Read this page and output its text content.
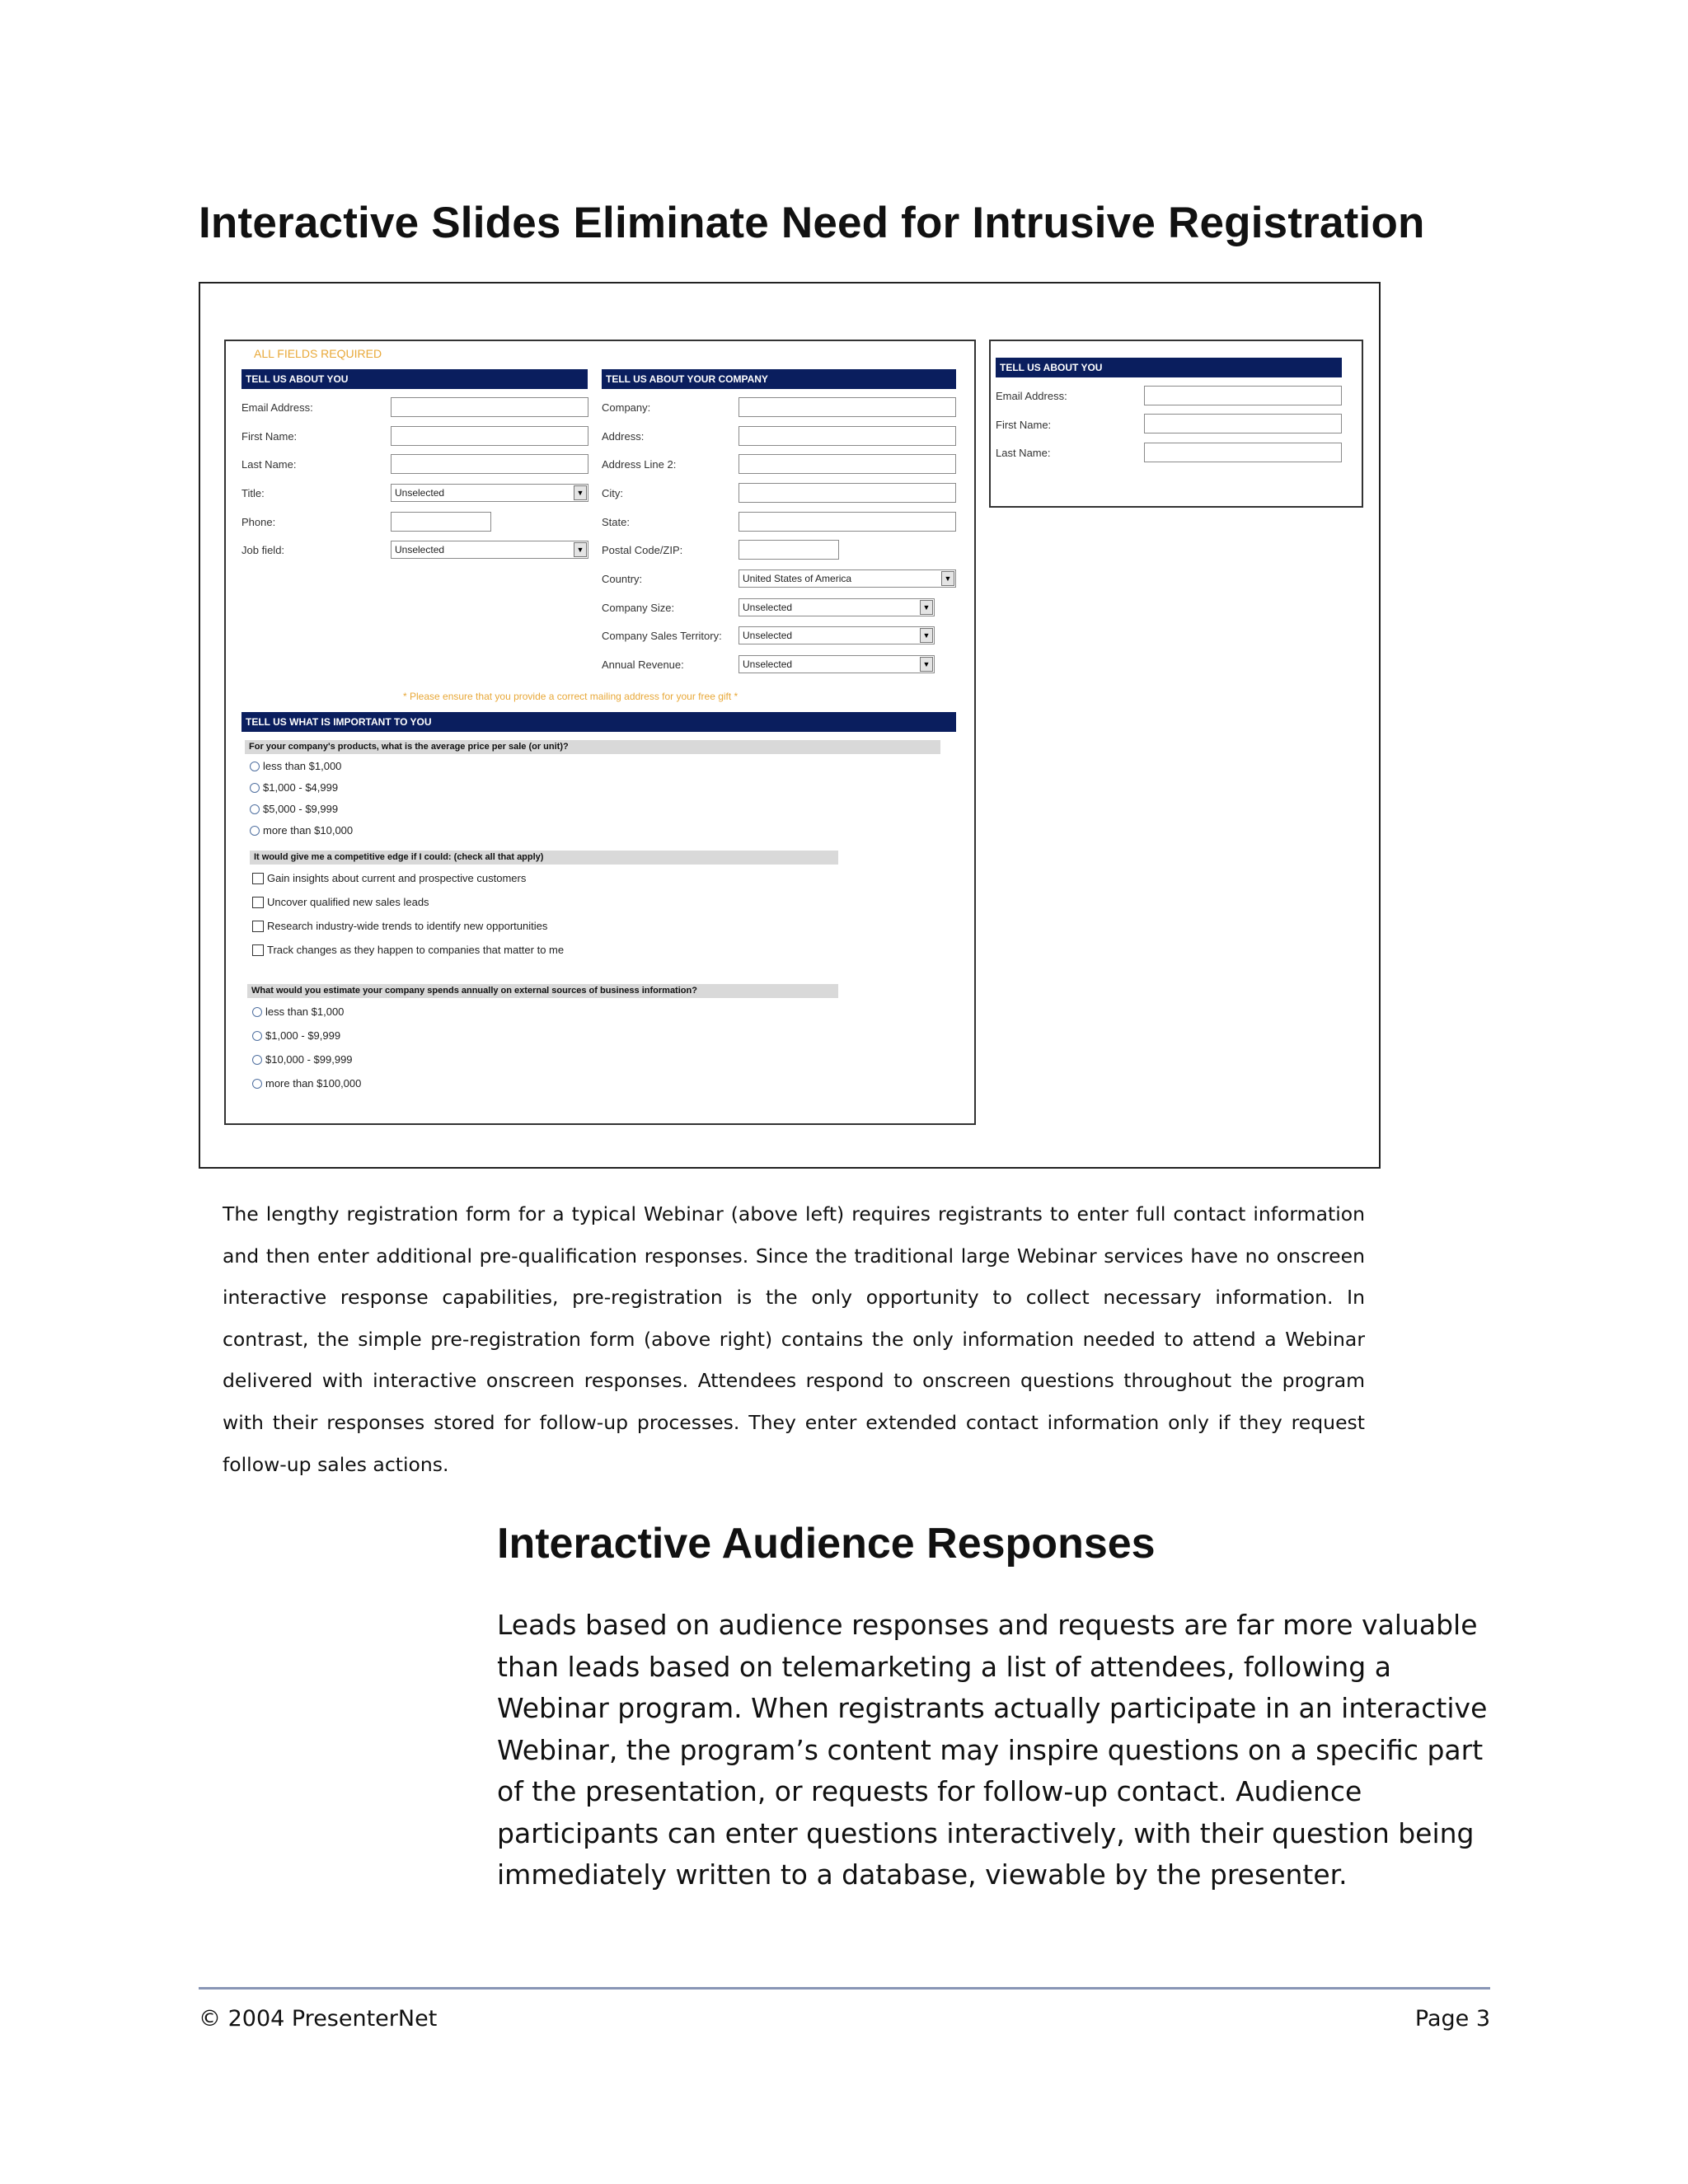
Interactive Slides Eliminate Need for Intrusive Registration
ALL FIELDS REQUIRED
TELL US ABOUT YOU
Email Address:
First Name:
Last Name:
Title:	Unselected	▼
Phone:
Job field:	Unselected	▼
TELL US ABOUT YOUR COMPANY
Company:
Address:
Address Line 2:
City:
State:
Postal Code/ZIP:
Country:	United States of America	▼
Company Size:	Unselected	▼
Company Sales Territory:	Unselected	▼
Annual Revenue:	Unselected	▼
* Please ensure that you provide a correct mailing address for your free gift *
TELL US WHAT IS IMPORTANT TO YOU
For your company's products, what is the average price per sale (or unit)?
less than $1,000
$1,000 - $4,999
$5,000 - $9,999
more than $10,000
It would give me a competitive edge if I could: (check all that apply)
Gain insights about current and prospective customers
Uncover qualified new sales leads
Research industry-wide trends to identify new opportunities
Track changes as they happen to companies that matter to me
What would you estimate your company spends annually on external sources of business information?
less than $1,000
$1,000 - $9,999
$10,000 - $99,999
more than $100,000
TELL US ABOUT YOU
Email Address:
First Name:
Last Name:

The lengthy registration form for a typical Webinar (above left) requires registrants to enter full contact information and then enter additional pre-qualification responses. Since the traditional large Webinar services have no onscreen interactive response capabilities, pre-registration is the only opportunity to collect necessary information. In contrast, the simple pre-registration form (above right) contains the only information needed to attend a Webinar delivered with interactive onscreen responses. Attendees respond to onscreen questions throughout the program with their responses stored for follow-up processes. They enter extended contact information only if they request follow-up sales actions.

Interactive Audience Responses

Leads based on audience responses and requests are far more valuable than leads based on telemarketing a list of attendees, following a Webinar program. When registrants actually participate in an interactive Webinar, the program’s content may inspire questions on a specific part of the presentation, or requests for follow-up contact. Audience participants can enter questions interactively, with their question being immediately written to a database, viewable by the presenter.

© 2004 PresenterNet	Page 3
